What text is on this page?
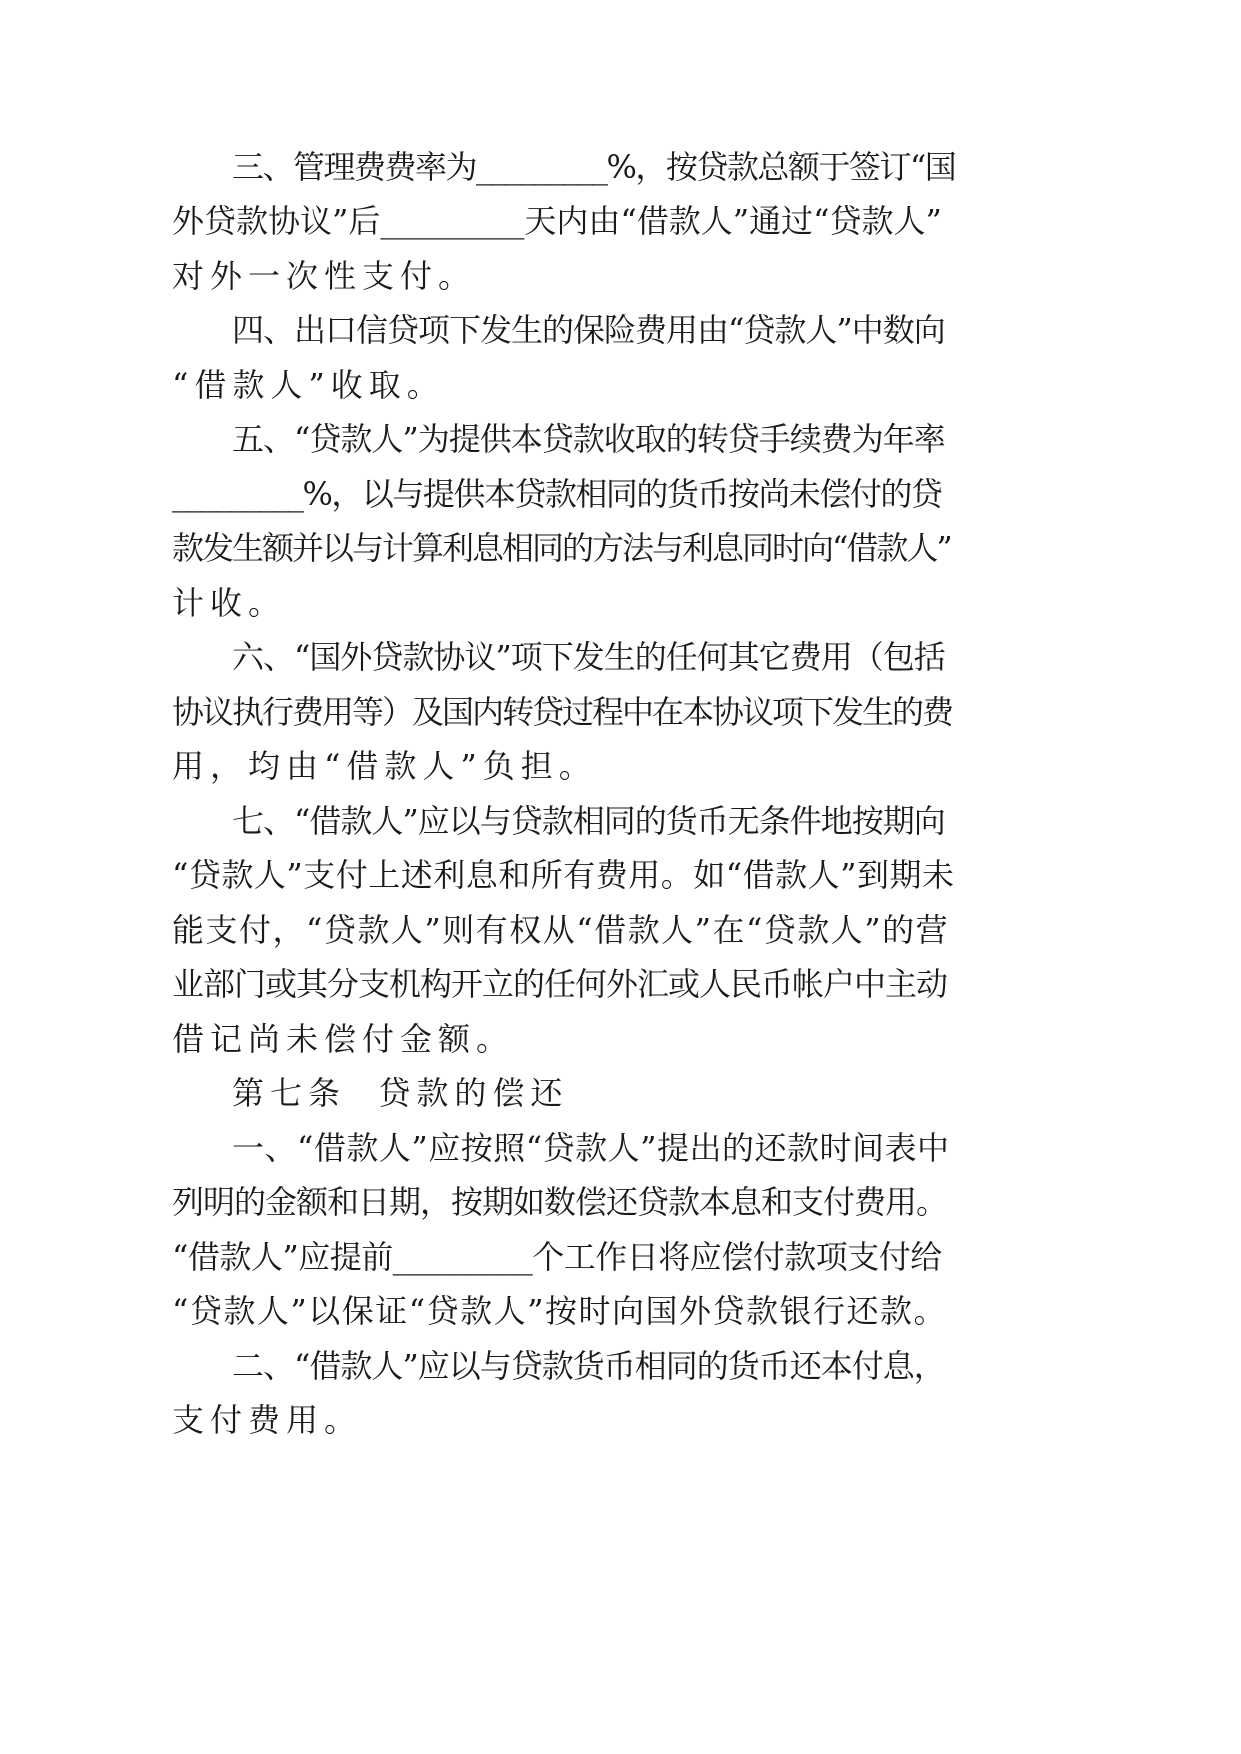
三、管理费费率为_________%，按贷款总额于签订“国
外贷款协议”后_________天内由“借款人”通过“贷款人”
对外一次性支付。
四、出口信贷项下发生的保险费用由“贷款人”中数向
“借款人”收取。
五、“贷款人”为提供本贷款收取的转贷手续费为年率
_________%，以与提供本贷款相同的货币按尚未偿付的贷
款发生额并以与计算利息相同的方法与利息同时向“借款人”
计收。
六、“国外贷款协议”项下发生的任何其它费用（包括
协议执行费用等）及国内转贷过程中在本协议项下发生的费
用，均由“借款人”负担。
七、“借款人”应以与贷款相同的货币无条件地按期向
“贷款人”支付上述利息和所有费用。如“借款人”到期未
能支付，“贷款人”则有权从“借款人”在“贷款人”的营
业部门或其分支机构开立的任何外汇或人民币帐户中主动
借记尚未偿付金额。
第七条  贷款的偿还
一、“借款人”应按照“贷款人”提出的还款时间表中
列明的金额和日期，按期如数偿还贷款本息和支付费用。
“借款人”应提前_________个工作日将应偿付款项支付给
“贷款人”以保证“贷款人”按时向国外贷款银行还款。
二、“借款人”应以与贷款货币相同的货币还本付息，
支付费用。
